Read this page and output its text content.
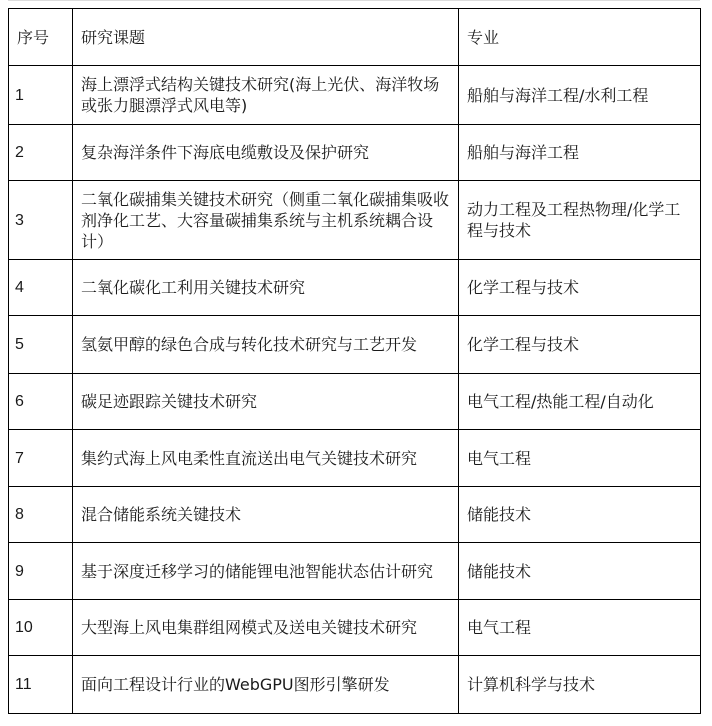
序号	研究课题	专业
1	海上漂浮式结构关键技术研究(海上光伏、海洋牧场或张力腿漂浮式风电等)	船舶与海洋工程/水利工程
2	复杂海洋条件下海底电缆敷设及保护研究	船舶与海洋工程
3	二氧化碳捕集关键技术研究（侧重二氧化碳捕集吸收剂净化工艺、大容量碳捕集系统与主机系统耦合设计）	动力工程及工程热物理/化学工程与技术
4	二氧化碳化工利用关键技术研究	化学工程与技术
5	氢氨甲醇的绿色合成与转化技术研究与工艺开发	化学工程与技术
6	碳足迹跟踪关键技术研究	电气工程/热能工程/自动化
7	集约式海上风电柔性直流送出电气关键技术研究	电气工程
8	混合储能系统关键技术	储能技术
9	基于深度迁移学习的储能锂电池智能状态估计研究	储能技术
10	大型海上风电集群组网模式及送电关键技术研究	电气工程
11	面向工程设计行业的WebGPU图形引擎研发	计算机科学与技术
